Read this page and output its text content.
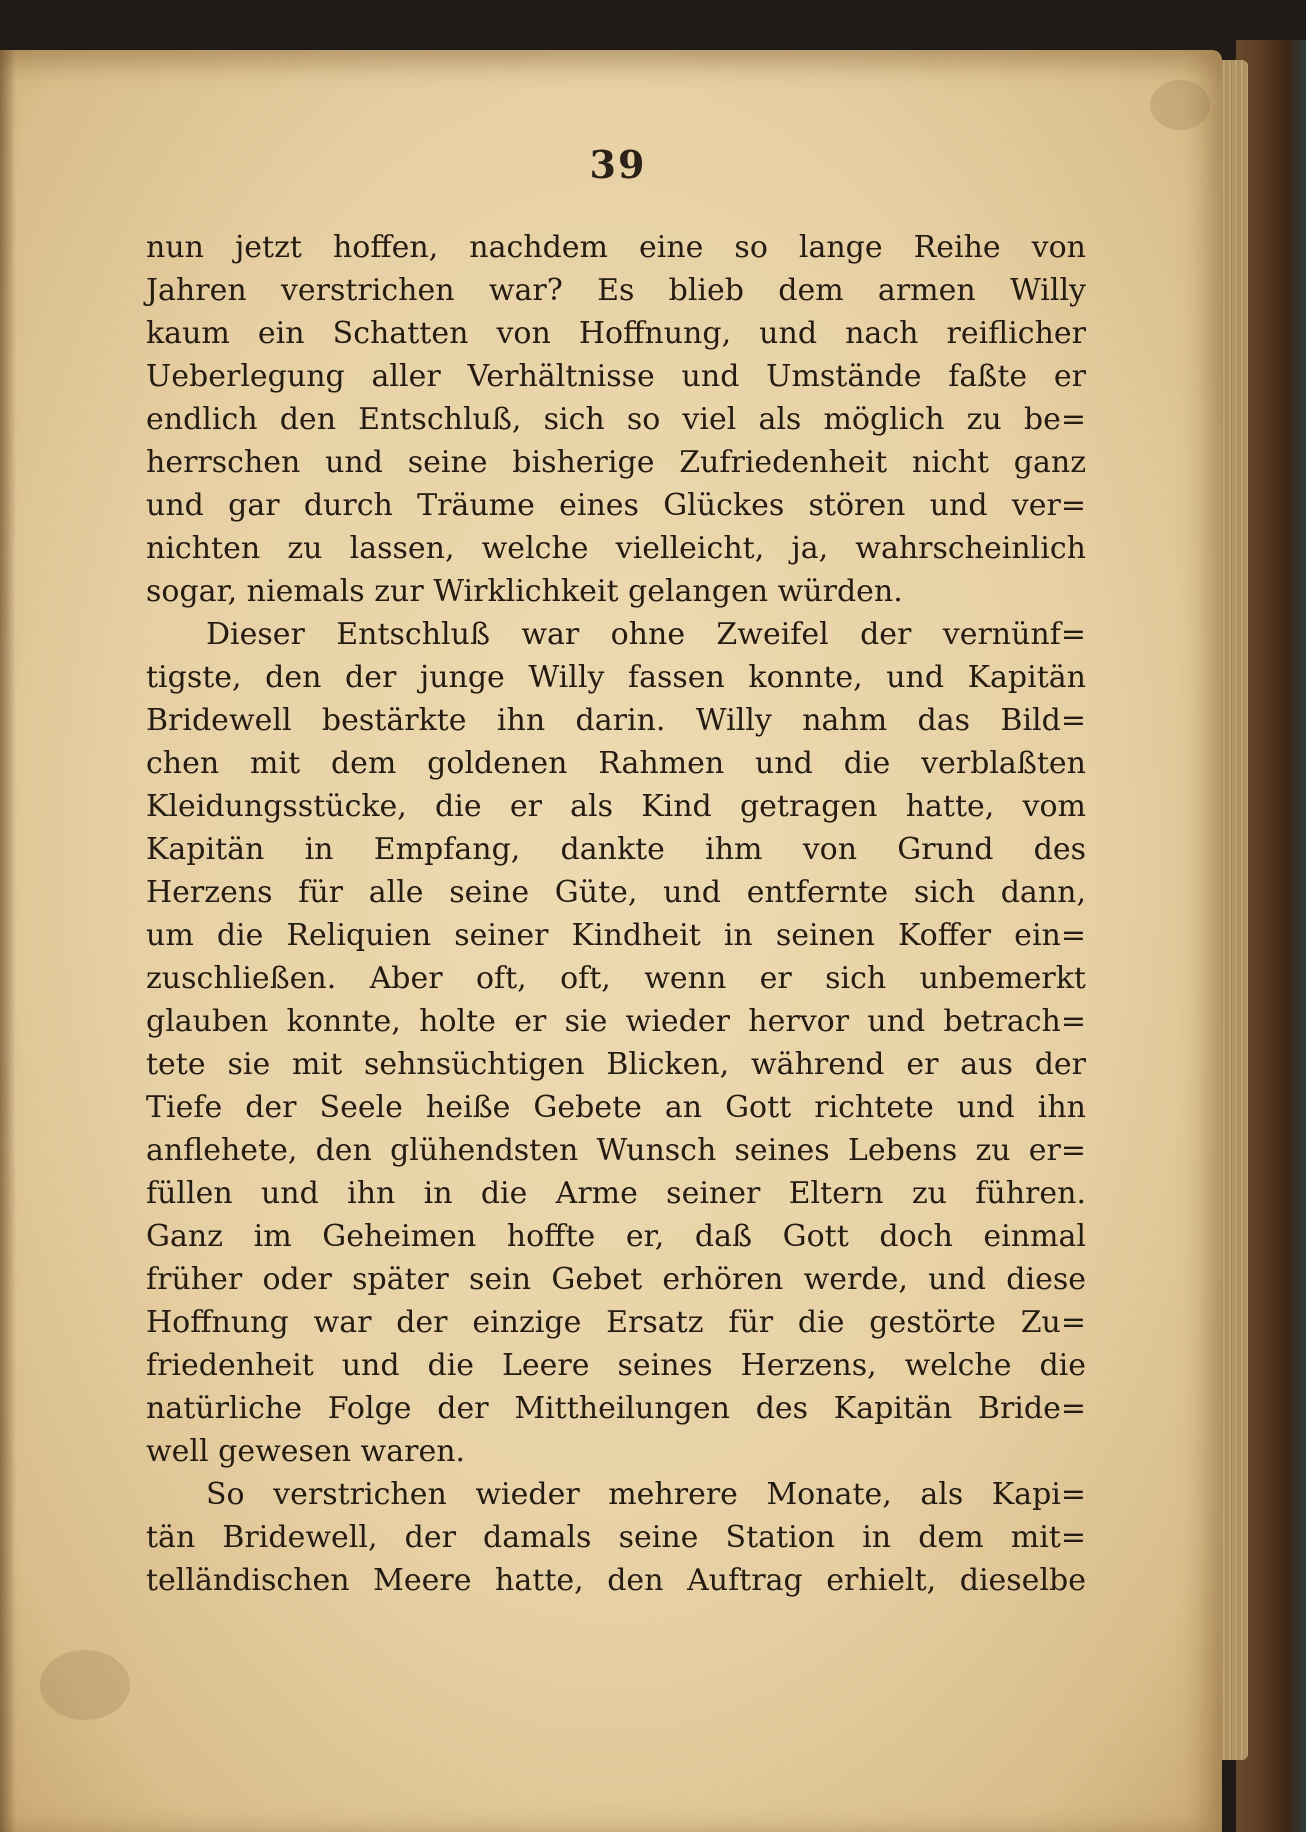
39
nun jetzt hoffen, nachdem eine so lange Reihe von
Jahren verstrichen war? Es blieb dem armen Willy
kaum ein Schatten von Hoffnung, und nach reiflicher
Ueberlegung aller Verhältnisse und Umstände faßte er
endlich den Entschluß, sich so viel als möglich zu be=
herrschen und seine bisherige Zufriedenheit nicht ganz
und gar durch Träume eines Glückes stören und ver=
nichten zu lassen, welche vielleicht, ja, wahrscheinlich
sogar, niemals zur Wirklichkeit gelangen würden.
Dieser Entschluß war ohne Zweifel der vernünf=
tigste, den der junge Willy fassen konnte, und Kapitän
Bridewell bestärkte ihn darin. Willy nahm das Bild=
chen mit dem goldenen Rahmen und die verblaßten
Kleidungsstücke, die er als Kind getragen hatte, vom
Kapitän in Empfang, dankte ihm von Grund des
Herzens für alle seine Güte, und entfernte sich dann,
um die Reliquien seiner Kindheit in seinen Koffer ein=
zuschließen. Aber oft, oft, wenn er sich unbemerkt
glauben konnte, holte er sie wieder hervor und betrach=
tete sie mit sehnsüchtigen Blicken, während er aus der
Tiefe der Seele heiße Gebete an Gott richtete und ihn
anflehete, den glühendsten Wunsch seines Lebens zu er=
füllen und ihn in die Arme seiner Eltern zu führen.
Ganz im Geheimen hoffte er, daß Gott doch einmal
früher oder später sein Gebet erhören werde, und diese
Hoffnung war der einzige Ersatz für die gestörte Zu=
friedenheit und die Leere seines Herzens, welche die
natürliche Folge der Mittheilungen des Kapitän Bride=
well gewesen waren.
So verstrichen wieder mehrere Monate, als Kapi=
tän Bridewell, der damals seine Station in dem mit=
telländischen Meere hatte, den Auftrag erhielt, dieselbe
